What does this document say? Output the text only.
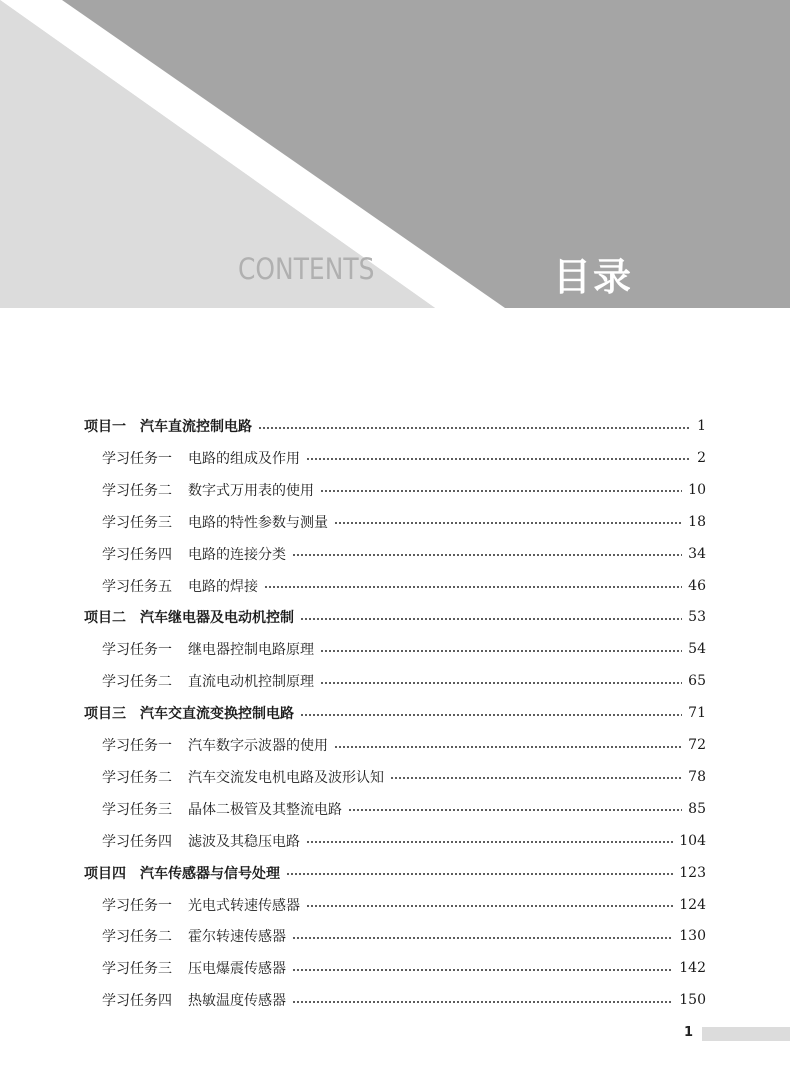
CONTENTS	目录
项目一 汽车直流控制电路	1
学习任务一 电路的组成及作用	2
学习任务二 数字式万用表的使用	10
学习任务三 电路的特性参数与测量	18
学习任务四 电路的连接分类	34
学习任务五 电路的焊接	46
项目二 汽车继电器及电动机控制	53
学习任务一 继电器控制电路原理	54
学习任务二 直流电动机控制原理	65
项目三 汽车交直流变换控制电路	71
学习任务一 汽车数字示波器的使用	72
学习任务二 汽车交流发电机电路及波形认知	78
学习任务三 晶体二极管及其整流电路	85
学习任务四 滤波及其稳压电路	104
项目四 汽车传感器与信号处理	123
学习任务一 光电式转速传感器	124
学习任务二 霍尔转速传感器	130
学习任务三 压电爆震传感器	142
学习任务四 热敏温度传感器	150
1
